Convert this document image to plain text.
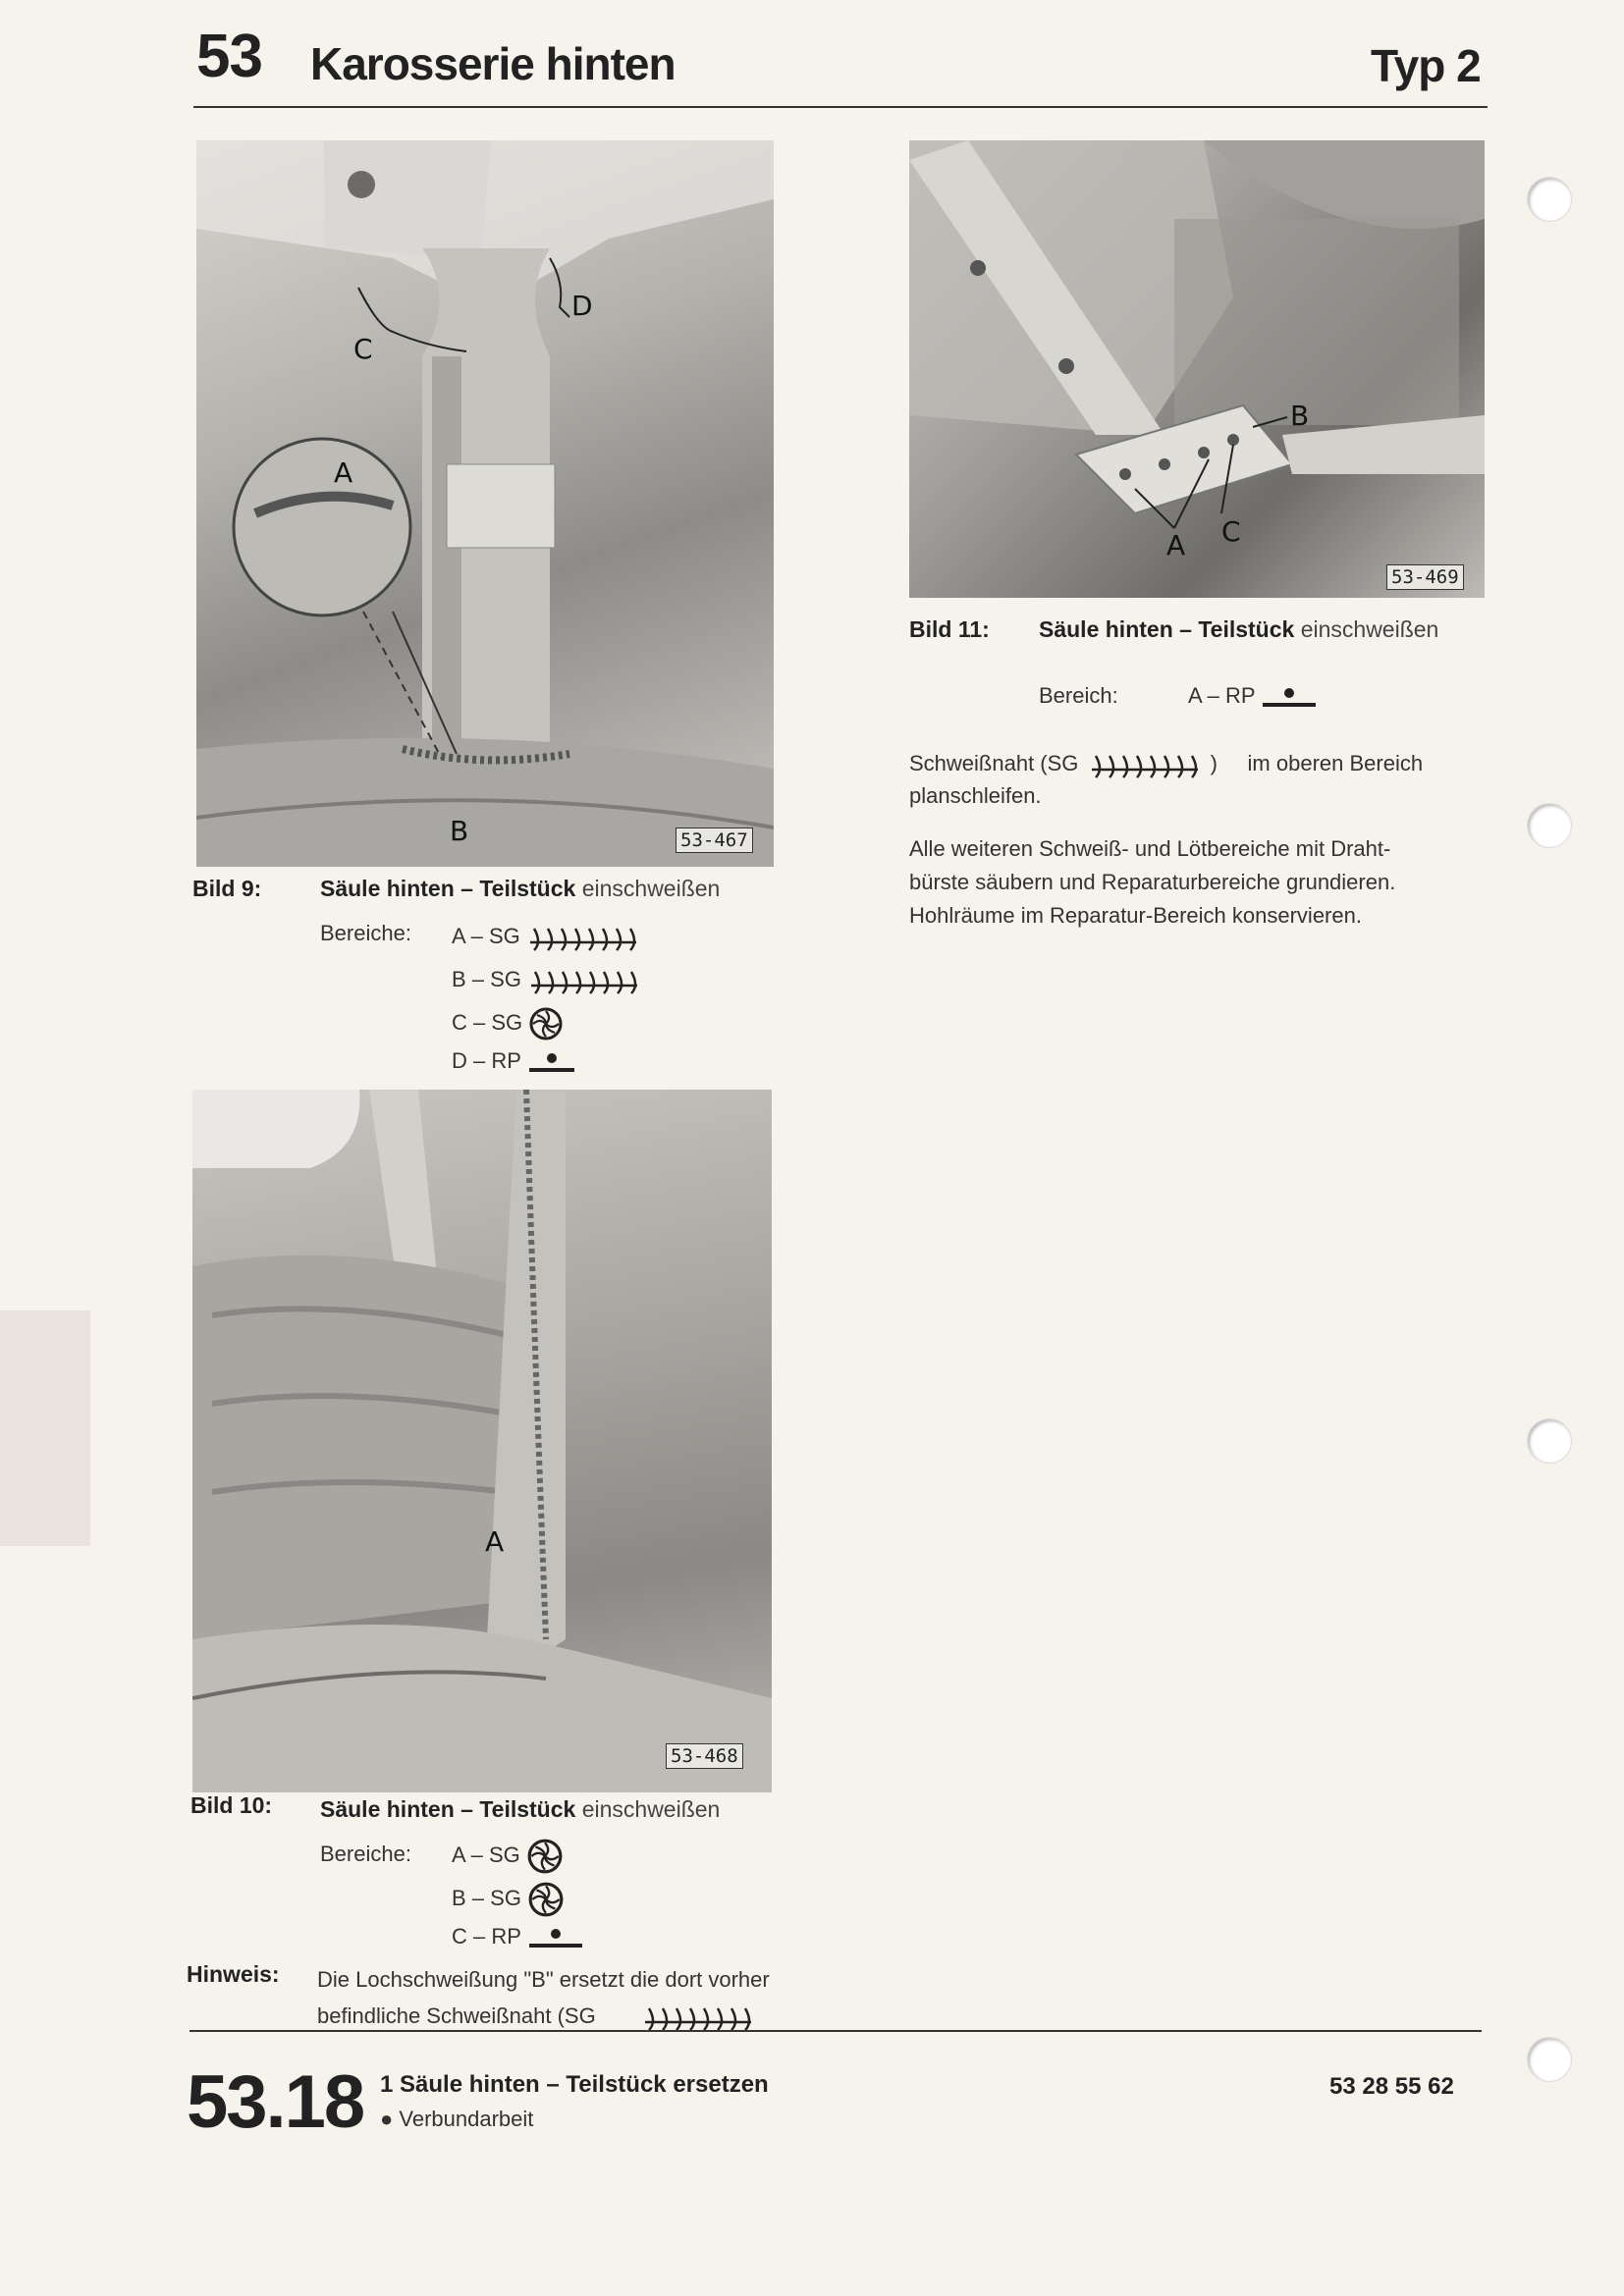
53 Karosserie hinten	Typ 2
A
B
C
D
53-467
Bild 9:	Säule hinten – Teilstück einschweißen
Bereiche: A – SG
B – SG
C – SG
D – RP
A
B
C
53-469
Bild 11: Säule hinten – Teilstück einschweißen
Bereich:	A – RP
Schweißnaht (SG	) im oberen Bereich
planschleifen.
Alle weiteren Schweiß- und Lötbereiche mit Draht-
bürste säubern und Reparaturbereiche grundieren.
Hohlräume im Reparatur-Bereich konservieren.
A
53-468
Bild 10: Säule hinten – Teilstück einschweißen
Bereiche: A – SG
B – SG
C – RP
Hinweis: Die Lochschweißung "B" ersetzt die dort vorher
befindliche Schweißnaht (SG
53.18 1 Säule hinten – Teilstück ersetzen
● Verbundarbeit
53 28 55 62
